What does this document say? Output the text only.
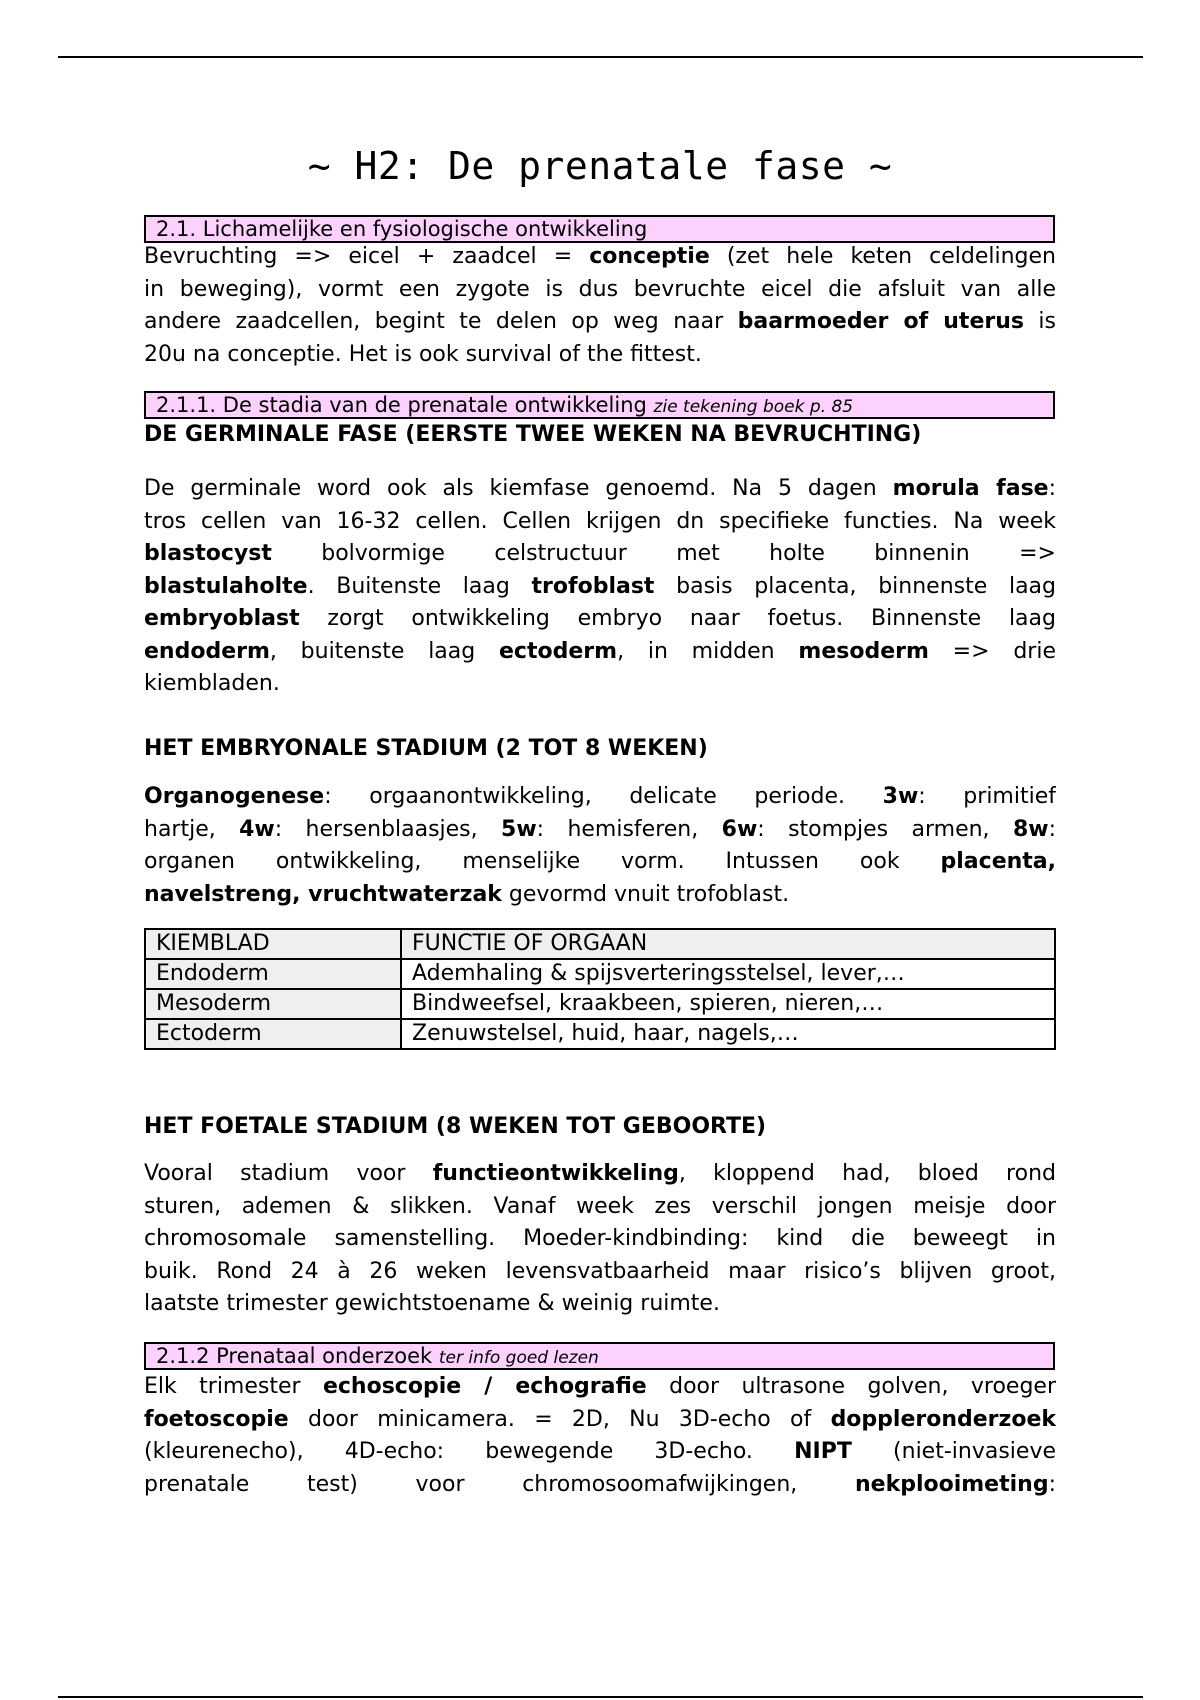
~ H2: De prenatale fase ~
2.1. Lichamelijke en fysiologische ontwikkeling
Bevruchting => eicel + zaadcel = conceptie (zet hele keten celdelingen
in beweging), vormt een zygote is dus bevruchte eicel die afsluit van alle
andere zaadcellen, begint te delen op weg naar baarmoeder of uterus is
20u na conceptie. Het is ook survival of the fittest.
2.1.1. De stadia van de prenatale ontwikkeling zie tekening boek p. 85
DE GERMINALE FASE (EERSTE TWEE WEKEN NA BEVRUCHTING)
De germinale word ook als kiemfase genoemd. Na 5 dagen morula fase:
tros cellen van 16-32 cellen. Cellen krijgen dn specifieke functies. Na week
blastocyst bolvormige celstructuur met holte binnenin =>
blastulaholte. Buitenste laag trofoblast basis placenta, binnenste laag
embryoblast zorgt ontwikkeling embryo naar foetus. Binnenste laag
endoderm, buitenste laag ectoderm, in midden mesoderm => drie
kiembladen.
HET EMBRYONALE STADIUM (2 TOT 8 WEKEN)
Organogenese: orgaanontwikkeling, delicate periode. 3w: primitief
hartje, 4w: hersenblaasjes, 5w: hemisferen, 6w: stompjes armen, 8w:
organen ontwikkeling, menselijke vorm. Intussen ook placenta,
navelstreng, vruchtwaterzak gevormd vnuit trofoblast.
KIEMBLAD	FUNCTIE OF ORGAAN
Endoderm	Ademhaling & spijsverteringsstelsel, lever,…
Mesoderm	Bindweefsel, kraakbeen, spieren, nieren,…
Ectoderm	Zenuwstelsel, huid, haar, nagels,…
HET FOETALE STADIUM (8 WEKEN TOT GEBOORTE)
Vooral stadium voor functieontwikkeling, kloppend had, bloed rond
sturen, ademen & slikken. Vanaf week zes verschil jongen meisje door
chromosomale samenstelling. Moeder-kindbinding: kind die beweegt in
buik. Rond 24 à 26 weken levensvatbaarheid maar risico’s blijven groot,
laatste trimester gewichtstoename & weinig ruimte.
2.1.2 Prenataal onderzoek ter info goed lezen
Elk trimester echoscopie / echografie door ultrasone golven, vroeger
foetoscopie door minicamera. = 2D, Nu 3D-echo of doppleronderzoek
(kleurenecho), 4D-echo: bewegende 3D-echo. NIPT (niet-invasieve
prenatale test) voor chromosoomafwijkingen, nekplooimeting:
